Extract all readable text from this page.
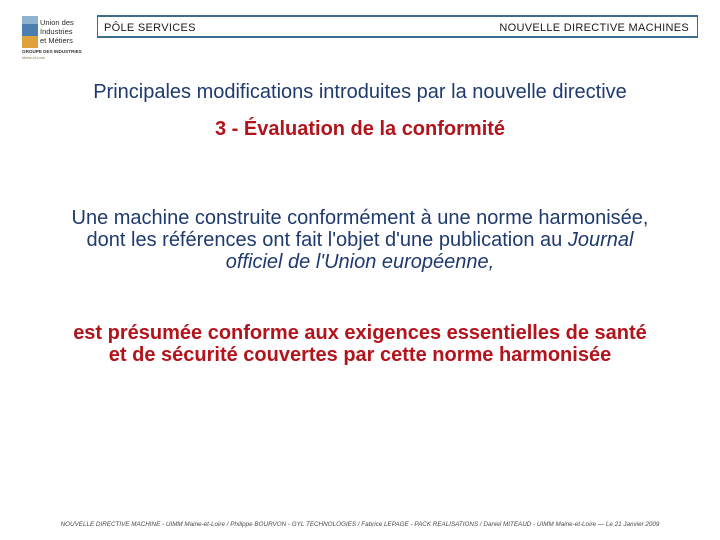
Union des
Industries
et Métiers
GROUPE DES INDUSTRIES
Maine-et-Loire
PÔLE SERVICES	NOUVELLE DIRECTIVE MACHINES
Principales modifications introduites par la nouvelle directive
3 - Évaluation de la conformité
Une machine construite conformément à une norme harmonisée,
dont les références ont fait l'objet d'une publication au Journal
officiel de l'Union européenne,
est présumée conforme aux exigences essentielles de santé
et de sécurité couvertes par cette norme harmonisée
NOUVELLE DIRECTIVE MACHINE - UIMM Maine-et-Loire / Philippe BOURVON - GYL TECHNOLOGIES / Fabrice LEPAGE - PACK REALISATIONS / Daniel MITEAUD - UIMM Maine-et-Loire — Le 21 Janvier 2009
